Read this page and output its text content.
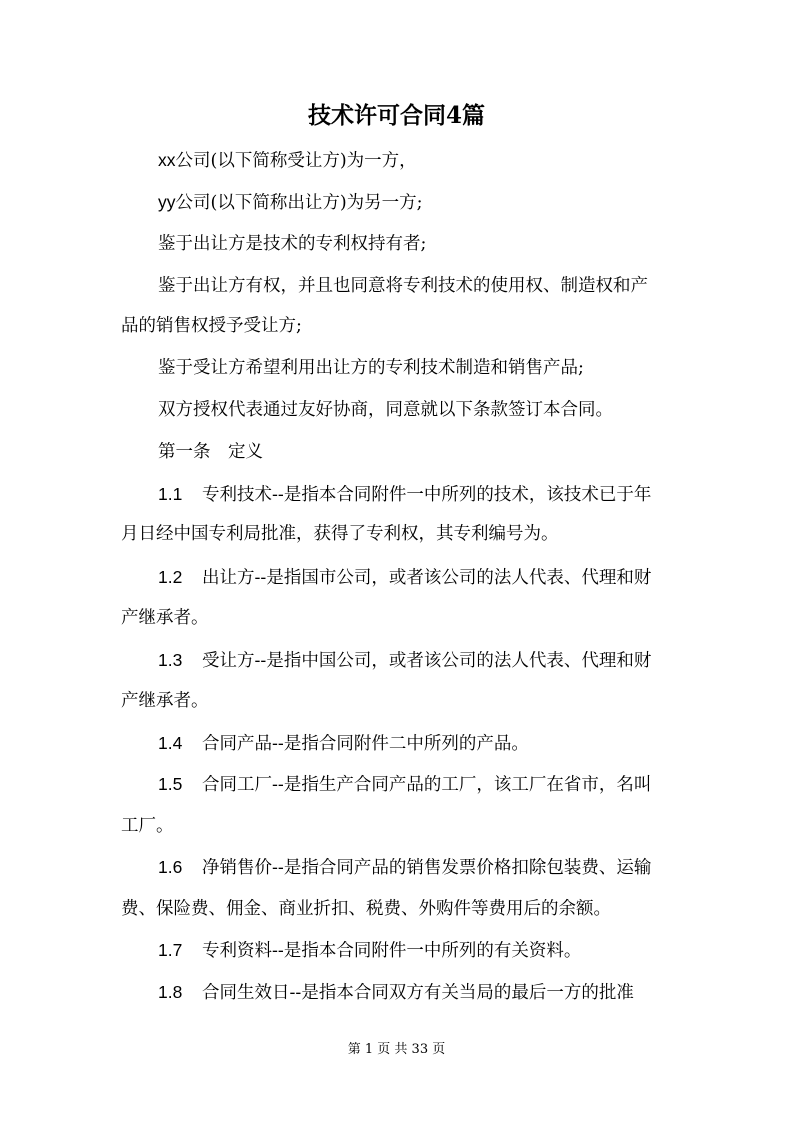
技术许可合同4篇
xx公司(以下简称受让方)为一方，
yy公司(以下简称出让方)为另一方;
鉴于出让方是技术的专利权持有者;
鉴于出让方有权，并且也同意将专利技术的使用权、制造权和产
品的销售权授予受让方;
鉴于受让方希望利用出让方的专利技术制造和销售产品;
双方授权代表通过友好协商，同意就以下条款签订本合同。
第一条　定义
1.1 专利技术--是指本合同附件一中所列的技术，该技术已于年
月日经中国专利局批准，获得了专利权，其专利编号为。
1.2 出让方--是指国市公司，或者该公司的法人代表、代理和财
产继承者。
1.3 受让方--是指中国公司，或者该公司的法人代表、代理和财
产继承者。
1.4 合同产品--是指合同附件二中所列的产品。
1.5 合同工厂--是指生产合同产品的工厂，该工厂在省市，名叫
工厂。
1.6 净销售价--是指合同产品的销售发票价格扣除包装费、运输
费、保险费、佣金、商业折扣、税费、外购件等费用后的余额。
1.7 专利资料--是指本合同附件一中所列的有关资料。
1.8 合同生效日--是指本合同双方有关当局的最后一方的批准
第 1 页 共 33 页
